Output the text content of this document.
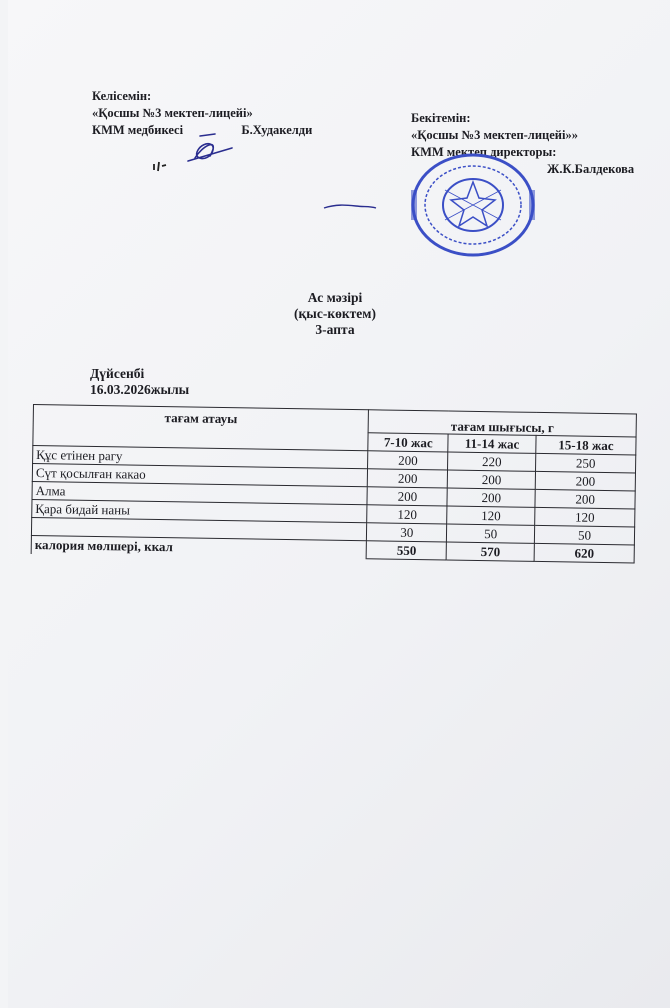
Келісемін:
«Қосшы №3 мектеп-лицейі»
КММ медбикесі	Б.Худакелди
Бекітемін:
«Қосшы №3 мектеп-лицейі»»
КММ мектеп директоры:
Ж.К.Балдекова
Ас мәзірі
(қыс-көктем)
3-апта
Дүйсенбі
16.03.2026жылы
тағам атауы	тағам шығысы, г		
	7-10 жас	11-14 жас	15-18 жас
Құс етінен рагу	200	220	250
Сүт қосылған какао	200	200	200
Алма	200	200	200
Қара бидай наны	120	120	120
	30	50	50
калория мөлшері, ккал	550	570	620
